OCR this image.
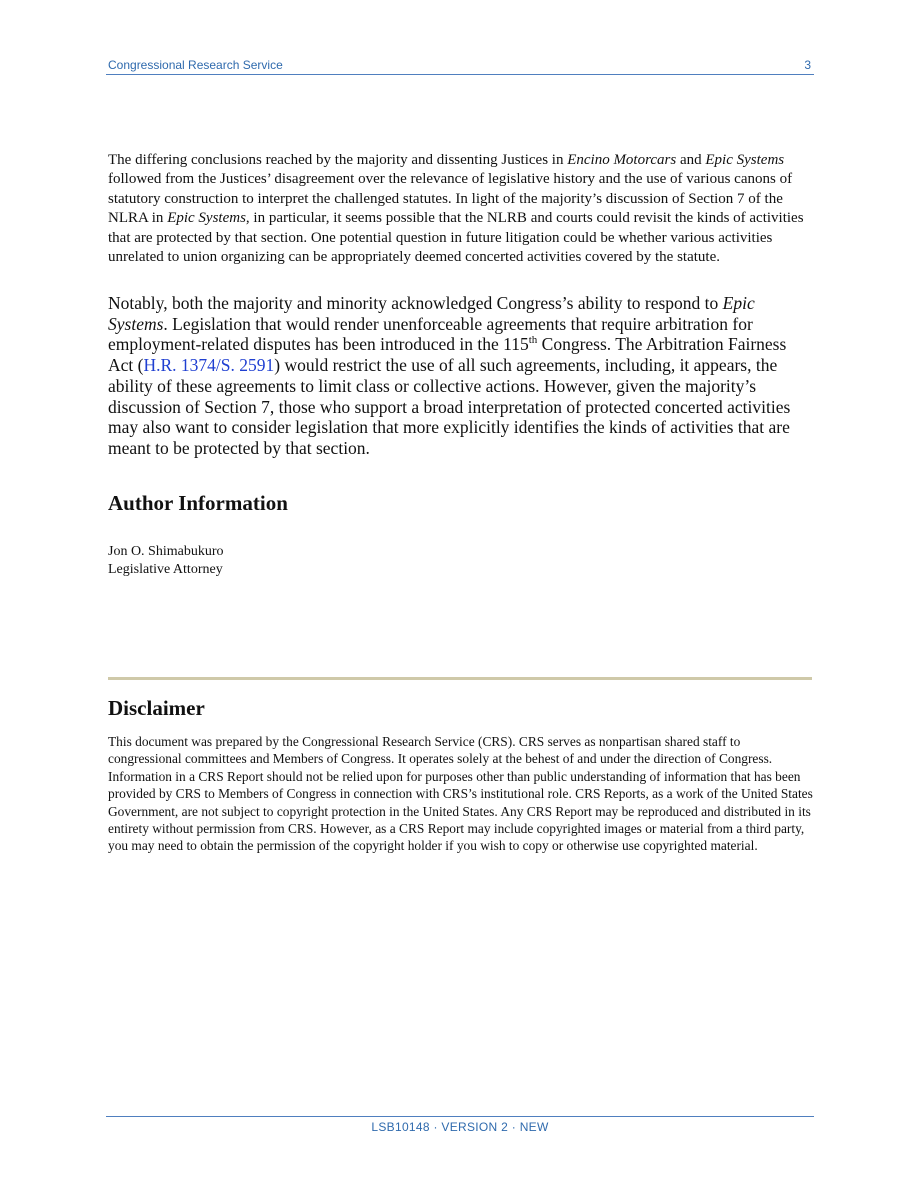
Congressional Research Service	3
The differing conclusions reached by the majority and dissenting Justices in Encino Motorcars and Epic Systems followed from the Justices’ disagreement over the relevance of legislative history and the use of various canons of statutory construction to interpret the challenged statutes. In light of the majority’s discussion of Section 7 of the NLRA in Epic Systems, in particular, it seems possible that the NLRB and courts could revisit the kinds of activities that are protected by that section. One potential question in future litigation could be whether various activities unrelated to union organizing can be appropriately deemed concerted activities covered by the statute.
Notably, both the majority and minority acknowledged Congress’s ability to respond to Epic Systems. Legislation that would render unenforceable agreements that require arbitration for employment-related disputes has been introduced in the 115th Congress. The Arbitration Fairness Act (H.R. 1374/S. 2591) would restrict the use of all such agreements, including, it appears, the ability of these agreements to limit class or collective actions. However, given the majority’s discussion of Section 7, those who support a broad interpretation of protected concerted activities may also want to consider legislation that more explicitly identifies the kinds of activities that are meant to be protected by that section.
Author Information
Jon O. Shimabukuro
Legislative Attorney
Disclaimer
This document was prepared by the Congressional Research Service (CRS). CRS serves as nonpartisan shared staff to congressional committees and Members of Congress. It operates solely at the behest of and under the direction of Congress. Information in a CRS Report should not be relied upon for purposes other than public understanding of information that has been provided by CRS to Members of Congress in connection with CRS’s institutional role. CRS Reports, as a work of the United States Government, are not subject to copyright protection in the United States. Any CRS Report may be reproduced and distributed in its entirety without permission from CRS. However, as a CRS Report may include copyrighted images or material from a third party, you may need to obtain the permission of the copyright holder if you wish to copy or otherwise use copyrighted material.
LSB10148 · VERSION 2 · NEW
